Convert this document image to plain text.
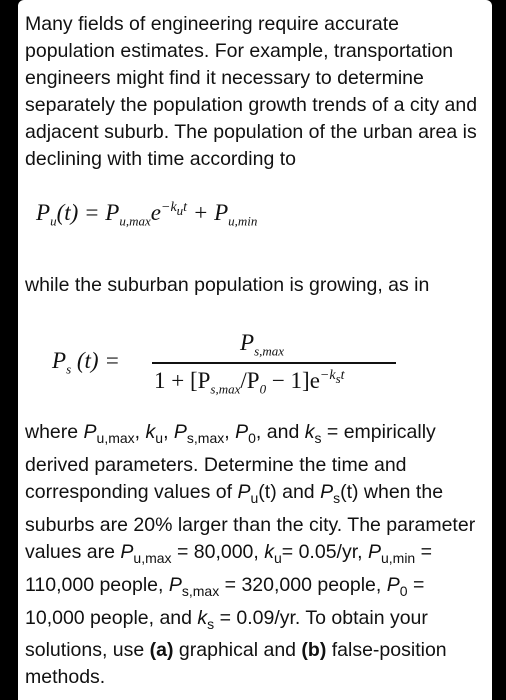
Many fields of engineering require accurate population estimates. For example, transportation engineers might find it necessary to determine separately the population growth trends of a city and adjacent suburb. The population of the urban area is declining with time according to

$P_u(t) = P_{u,max}e^{-k_ut} + P_{u,min}$

while the suburban population is growing, as in

$P_s$ (t) =
$P_{s,max}$
$1 + [P_{s,max}/P_0 - 1]e^{-k_st}$

where $P_{u,max}$, $k_u$, $P_{s,max}$, $P_0$, and $k_s$ = empirically derived parameters. Determine the time and corresponding values of $P_u(t)$ and $P_s(t)$ when the suburbs are 20% larger than the city. The parameter values are $P_{u,max} = 80,000$, $k_u= 0.05/yr$, $P_{u,min} = 110,000$ people, $P_{s,max} = 320,000$ people, $P_0 = 10,000$ people, and $k_s = 0.09/yr$. To obtain your solutions, use (a) graphical and (b) false-position methods.
